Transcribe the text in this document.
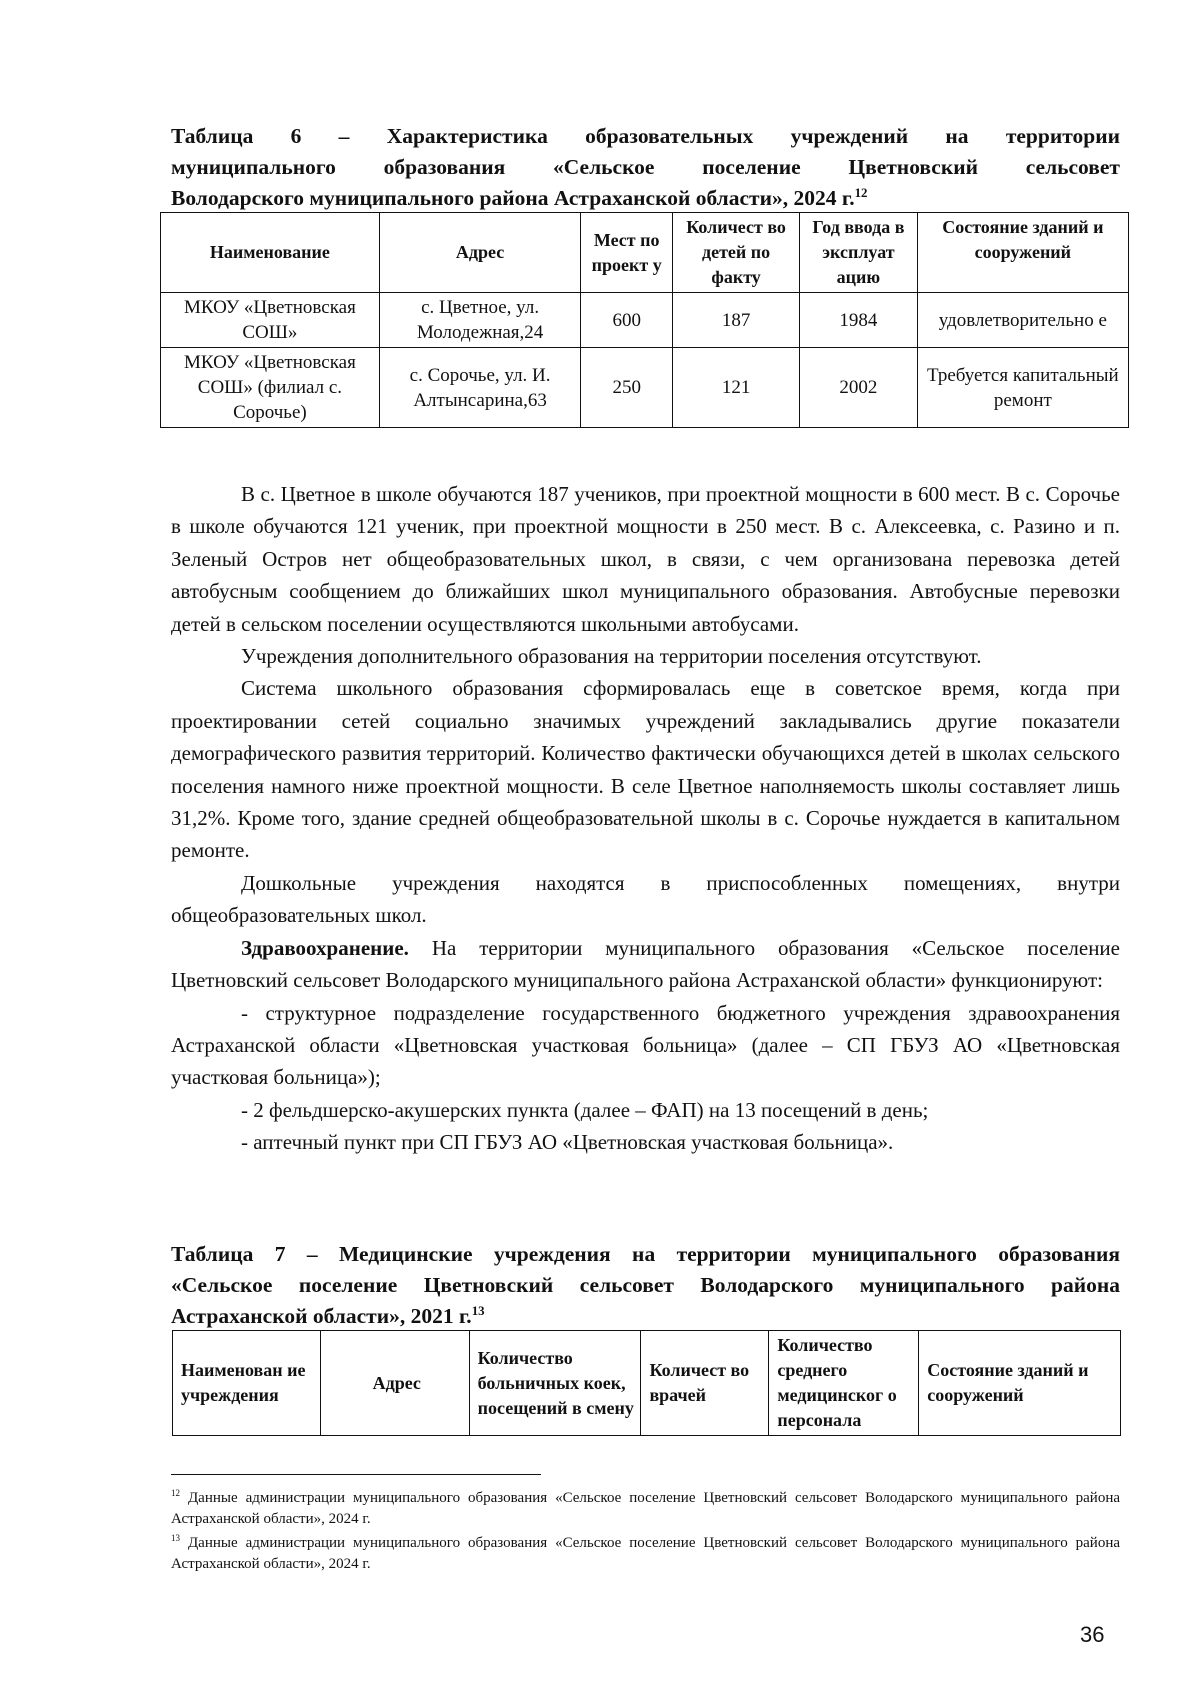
Таблица 6 – Характеристика образовательных учреждений на территории
муниципального образования «Сельское поселение Цветновский сельсовет
Володарского муниципального района Астраханской области», 2024 г.$^{12}$
Наименование	Адрес	Мест по проект у	Количест во детей по факту	Год ввода в эксплуат ацию	Состояние зданий и сооружений
МКОУ «Цветновская СОШ»	с. Цветное, ул. Молодежная,24	600	187	1984	удовлетворительно е
МКОУ «Цветновская СОШ» (филиал с. Сорочье)	с. Сорочье, ул. И. Алтынсарина,63	250	121	2002	Требуется капитальный ремонт

В с. Цветное в школе обучаются 187 учеников, при проектной мощности в 600 мест. В с. Сорочье в школе обучаются 121 ученик, при проектной мощности в 250 мест. В с. Алексеевка, с. Разино и п. Зеленый Остров нет общеобразовательных школ, в связи, с чем организована перевозка детей автобусным сообщением до ближайших школ муниципального образования. Автобусные перевозки детей в сельском поселении осуществляются школьными автобусами.

Учреждения дополнительного образования на территории поселения отсутствуют.

Система школьного образования сформировалась еще в советское время, когда при проектировании сетей социально значимых учреждений закладывались другие показатели демографического развития территорий. Количество фактически обучающихся детей в школах сельского поселения намного ниже проектной мощности. В селе Цветное наполняемость школы составляет лишь 31,2%. Кроме того, здание средней общеобразовательной школы в с. Сорочье нуждается в капитальном ремонте.

Дошкольные учреждения находятся в приспособленных помещениях, внутри общеобразовательных школ.

Здравоохранение. На территории муниципального образования «Сельское поселение Цветновский сельсовет Володарского муниципального района Астраханской области» функционируют:

- структурное подразделение государственного бюджетного учреждения здравоохранения Астраханской области «Цветновская участковая больница» (далее – СП ГБУЗ АО «Цветновская участковая больница»);

- 2 фельдшерско-акушерских пункта (далее – ФАП) на 13 посещений в день;

- аптечный пункт при СП ГБУЗ АО «Цветновская участковая больница».

Таблица 7 – Медицинские учреждения на территории муниципального образования
«Сельское поселение Цветновский сельсовет Володарского муниципального района
Астраханской области», 2021 г.$^{13}$
Наименован ие учреждения	Адрес	Количество больничных коек, посещений в смену	Количест во врачей	Количество среднего медицинског о персонала	Состояние зданий и сооружений
$^{12}$ Данные администрации муниципального образования «Сельское поселение Цветновский сельсовет Володарского муниципального района Астраханской области», 2024 г.
$^{13}$ Данные администрации муниципального образования «Сельское поселение Цветновский сельсовет Володарского муниципального района Астраханской области», 2024 г.
36
